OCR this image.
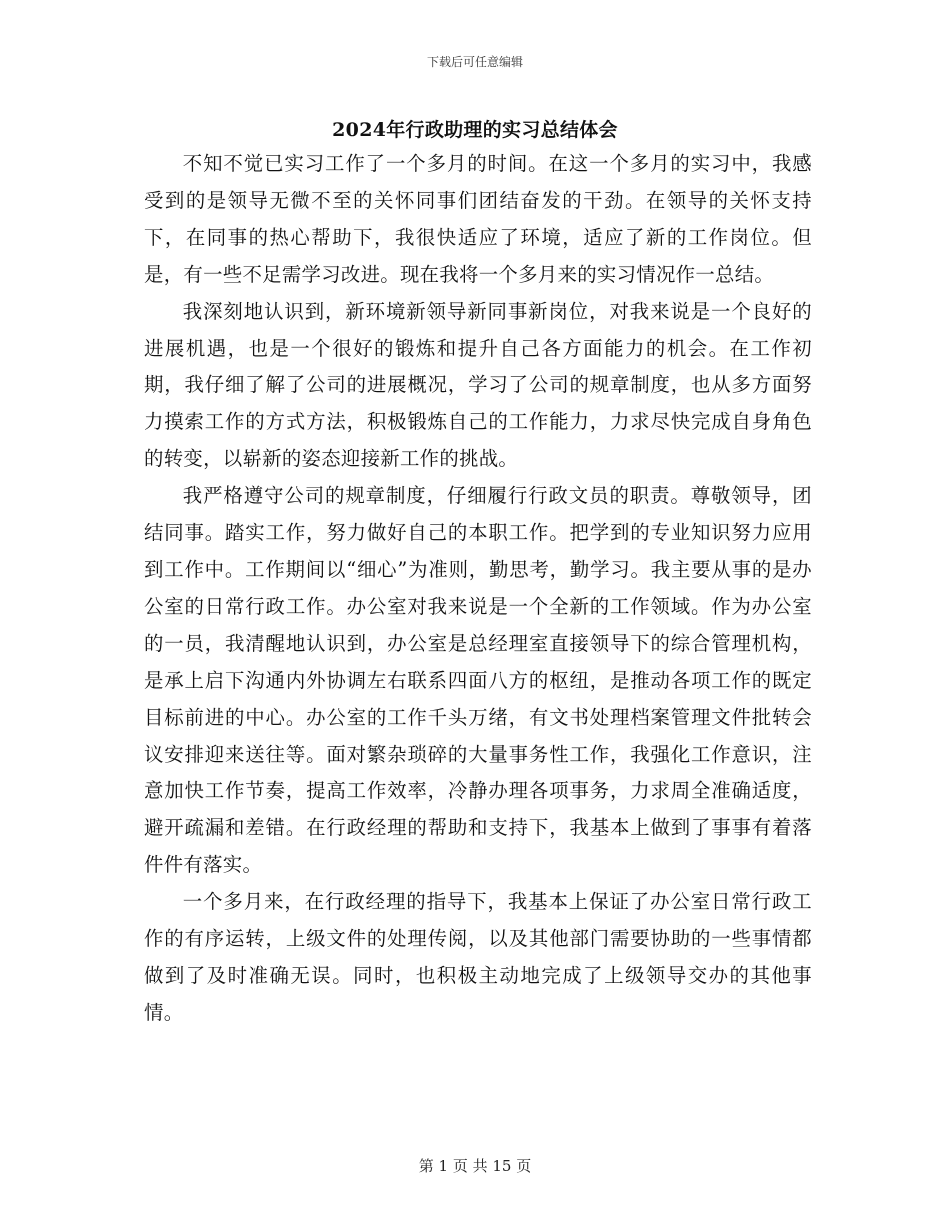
下载后可任意编辑
2024年行政助理的实习总结体会

不知不觉已实习工作了一个多月的时间。在这一个多月的实习中，我感受到的是领导无微不至的关怀同事们团结奋发的干劲。在领导的关怀支持下，在同事的热心帮助下，我很快适应了环境，适应了新的工作岗位。但是，有一些不足需学习改进。现在我将一个多月来的实习情况作一总结。

我深刻地认识到，新环境新领导新同事新岗位，对我来说是一个良好的进展机遇，也是一个很好的锻炼和提升自己各方面能力的机会。在工作初期，我仔细了解了公司的进展概况，学习了公司的规章制度，也从多方面努力摸索工作的方式方法，积极锻炼自己的工作能力，力求尽快完成自身角色的转变，以崭新的姿态迎接新工作的挑战。

我严格遵守公司的规章制度，仔细履行行政文员的职责。尊敬领导，团结同事。踏实工作，努力做好自己的本职工作。把学到的专业知识努力应用到工作中。工作期间以“细心”为准则，勤思考，勤学习。我主要从事的是办公室的日常行政工作。办公室对我来说是一个全新的工作领域。作为办公室的一员，我清醒地认识到，办公室是总经理室直接领导下的综合管理机构，是承上启下沟通内外协调左右联系四面八方的枢纽，是推动各项工作的既定目标前进的中心。办公室的工作千头万绪，有文书处理档案管理文件批转会议安排迎来送往等。面对繁杂琐碎的大量事务性工作，我强化工作意识，注意加快工作节奏，提高工作效率，冷静办理各项事务，力求周全准确适度，避开疏漏和差错。在行政经理的帮助和支持下，我基本上做到了事事有着落件件有落实。

一个多月来，在行政经理的指导下，我基本上保证了办公室日常行政工作的有序运转，上级文件的处理传阅，以及其他部门需要协助的一些事情都做到了及时准确无误。同时，也积极主动地完成了上级领导交办的其他事情。

第 1 页 共 15 页
